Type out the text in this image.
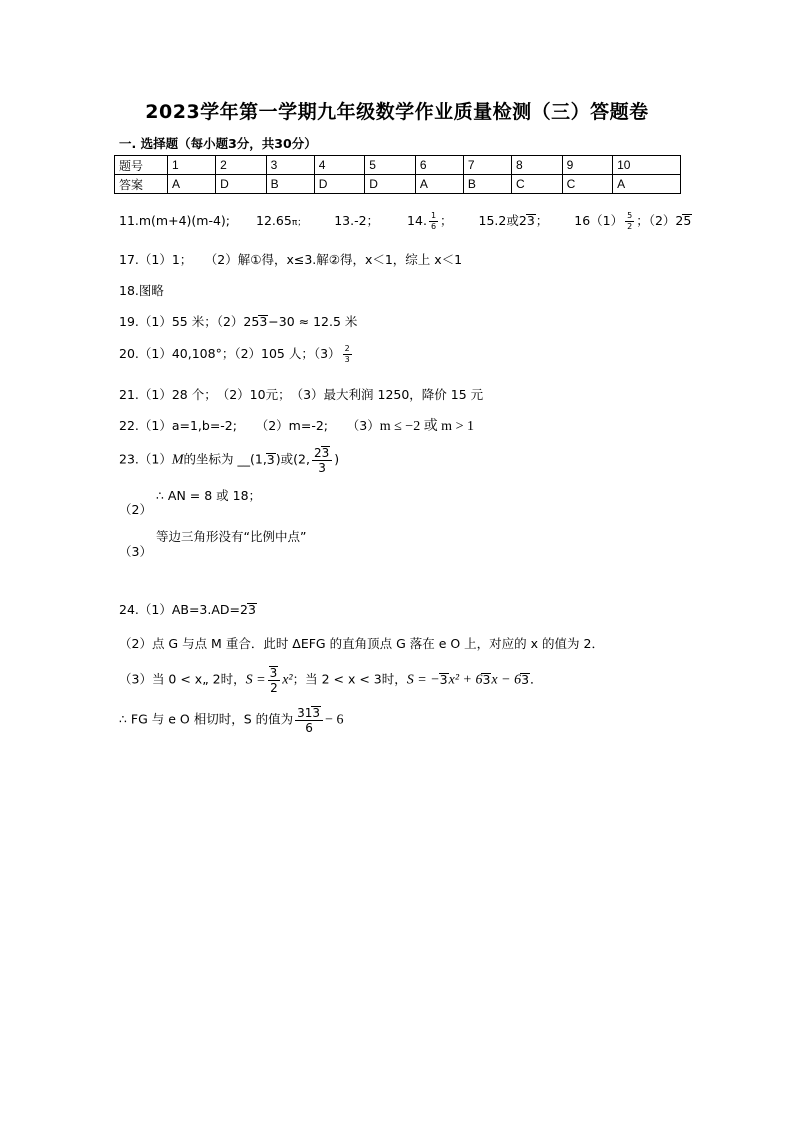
2023学年第一学期九年级数学作业质量检测（三）答题卷
一. 选择题（每小题3分，共30分）
题号	1	2	3	4	5	6	7	8	9	10
答案	A	D	B	D	D	A	B	C	C	A
11.m(m+4)(m-4); 12.65π； 13.-2； 14. $\frac{1}{6}$ ； 15.2或23； $16(1) \frac{5}{2}$ ；（2）25
17.（1）1；　　（2）解①得，x≤3.解②得，x＜1，综上 x＜1
18.图略
19.（1）55 米；（2）253−30 ≈ 12.5 米
20.（1）40,108°；（2）105 人；$(3) \frac{2}{3}$
21.（1）28 个；　（2）10元；　（3）最大利润 1250，降价 15 元
22.（1）a=1,b=-2;　　（2）m=-2;　　（3）m ≤ −2 或 m > 1
23.（1）M的坐标为 __(1,3)或(2, $\frac{23}{3}$ )
∴ AN = 8 或 18；
（2）
等边三角形没有“比例中点”
（3）
24.（1）AB=3.AD=23
（2）点 G 与点 M 重合．此时 ΔEFG 的直角顶点 G 落在 e O 上，对应的 x 的值为 2．
（3）当 0 < x„ 2时，$S = \frac{3}{2} x^2$；当 2 < x < 3时，S = −3x² + 63x − 63．
∴ FG 与 e O 相切时，S 的值为 $\frac{313}{6} - 6$
